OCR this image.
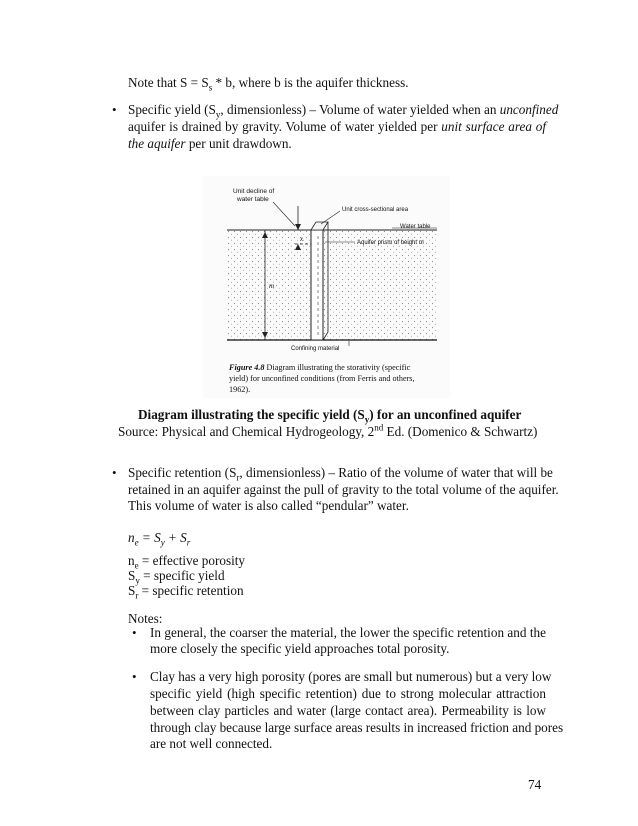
Note that $S = S_s * b$, where b is the aquifer thickness.
•
Specific yield ($S_y$, dimensionless) – Volume of water yielded when an unconfined
aquifer is drained by gravity. Volume of water yielded per unit surface area of
the aquifer per unit drawdown.
Unit decline of
water table
Unit cross-sectional area
Water table
Aquifer prism of height m
x
m
Confining material
Figure 4.8 Diagram illustrating the storativity (specific
yield) for unconfined conditions (from Ferris and others,
1962).
Diagram illustrating the specific yield $(S_y)$ for an unconfined aquifer
Source: Physical and Chemical Hydrogeology, 2nd Ed. (Domenico & Schwartz)
•
Specific retention ($S_r$, dimensionless) – Ratio of the volume of water that will be
retained in an aquifer against the pull of gravity to the total volume of the aquifer.
This volume of water is also called “pendular” water.
$n_e = S_y + S_r$
$n_e$ = effective porosity
$S_y$ = specific yield
$S_r$ = specific retention
Notes:
•
In general, the coarser the material, the lower the specific retention and the
more closely the specific yield approaches total porosity.
•
Clay has a very high porosity (pores are small but numerous) but a very low
specific yield (high specific retention) due to strong molecular attraction
between clay particles and water (large contact area). Permeability is low
through clay because large surface areas results in increased friction and pores
are not well connected.
74
